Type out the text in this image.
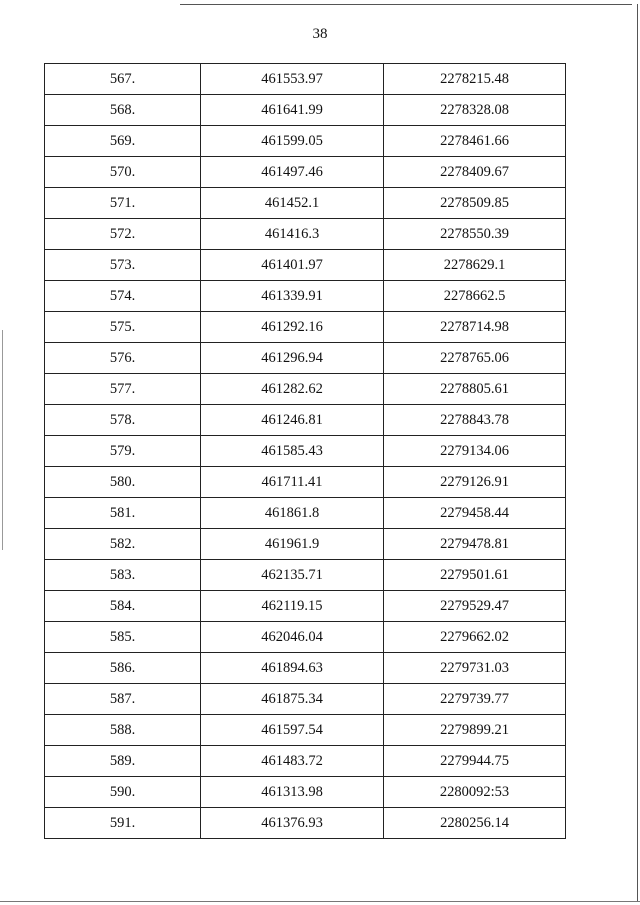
38
567.	461553.97	2278215.48
568.	461641.99	2278328.08
569.	461599.05	2278461.66
570.	461497.46	2278409.67
571.	461452.1	2278509.85
572.	461416.3	2278550.39
573.	461401.97	2278629.1
574.	461339.91	2278662.5
575.	461292.16	2278714.98
576.	461296.94	2278765.06
577.	461282.62	2278805.61
578.	461246.81	2278843.78
579.	461585.43	2279134.06
580.	461711.41	2279126.91
581.	461861.8	2279458.44
582.	461961.9	2279478.81
583.	462135.71	2279501.61
584.	462119.15	2279529.47
585.	462046.04	2279662.02
586.	461894.63	2279731.03
587.	461875.34	2279739.77
588.	461597.54	2279899.21
589.	461483.72	2279944.75
590.	461313.98	2280092:53
591.	461376.93	2280256.14
